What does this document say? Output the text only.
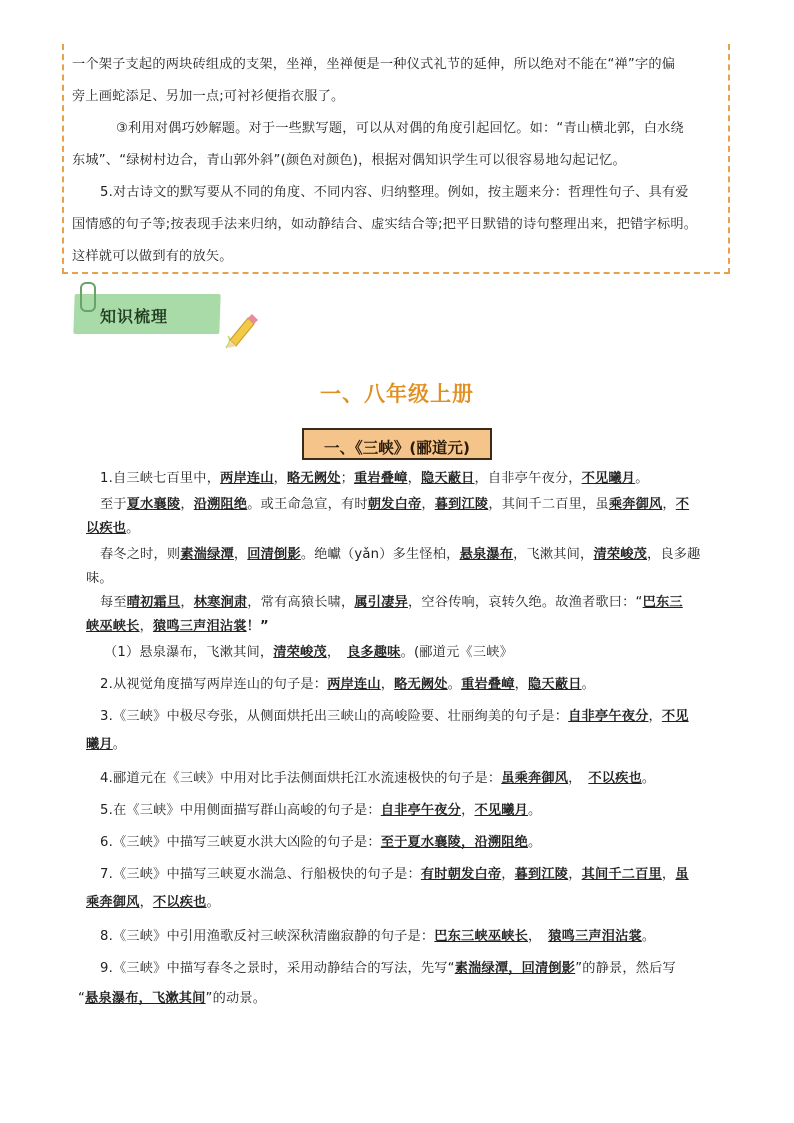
一个架子支起的两块砖组成的支架，坐禅，坐禅便是一种仪式礼节的延伸，所以绝对不能在“禅”字的偏

旁上画蛇添足、另加一点;可衬衫便指衣服了。

③利用对偶巧妙解题。对于一些默写题，可以从对偶的角度引起回忆。如：“青山横北郭，白水绕

东城”、“绿树村边合，青山郭外斜”(颜色对颜色)，根据对偶知识学生可以很容易地勾起记忆。

5.对古诗文的默写要从不同的角度、不同内容、归纳整理。例如，按主题来分：哲理性句子、具有爱

国情感的句子等;按表现手法来归纳，如动静结合、虚实结合等;把平日默错的诗句整理出来，把错字标明。

这样就可以做到有的放矢。

知识梳理
一、八年级上册
一、《三峡》(郦道元)
1.自三峡七百里中，两岸连山，略无阙处；重岩叠嶂，隐天蔽日，自非亭午夜分，不见曦月。
至于夏水襄陵，沿溯阻绝。或王命急宣，有时朝发白帝，暮到江陵，其间千二百里，虽乘奔御风，不
以疾也。
春冬之时，则素湍绿潭，回清倒影。绝巘（yǎn）多生怪柏，悬泉瀑布，飞漱其间，清荣峻茂，良多趣
味。
每至晴初霜旦，林寒涧肃，常有高猿长啸，属引凄异，空谷传响，哀转久绝。故渔者歌曰：“巴东三
峡巫峡长，猿鸣三声泪沾裳！”
（1）悬泉瀑布，飞漱其间，清荣峻茂，　良多趣味。(郦道元《三峡》
2.从视觉角度描写两岸连山的句子是：两岸连山，略无阙处。重岩叠嶂，隐天蔽日。
3.《三峡》中极尽夸张，从侧面烘托出三峡山的高峻险要、壮丽绚美的句子是：自非亭午夜分，不见
曦月。
4.郦道元在《三峡》中用对比手法侧面烘托江水流速极快的句子是：虽乘奔御风，　不以疾也。
5.在《三峡》中用侧面描写群山高峻的句子是：自非亭午夜分，不见曦月。
6.《三峡》中描写三峡夏水洪大凶险的句子是：至于夏水襄陵，沿溯阻绝。
7.《三峡》中描写三峡夏水湍急、行船极快的句子是：有时朝发白帝，暮到江陵，其间千二百里，虽
乘奔御风，不以疾也。
8.《三峡》中引用渔歌反衬三峡深秋清幽寂静的句子是：巴东三峡巫峡长，　猿鸣三声泪沾裳。
9.《三峡》中描写春冬之景时，采用动静结合的写法，先写“素湍绿潭，回清倒影”的静景，然后写
“悬泉瀑布，飞漱其间”的动景。
